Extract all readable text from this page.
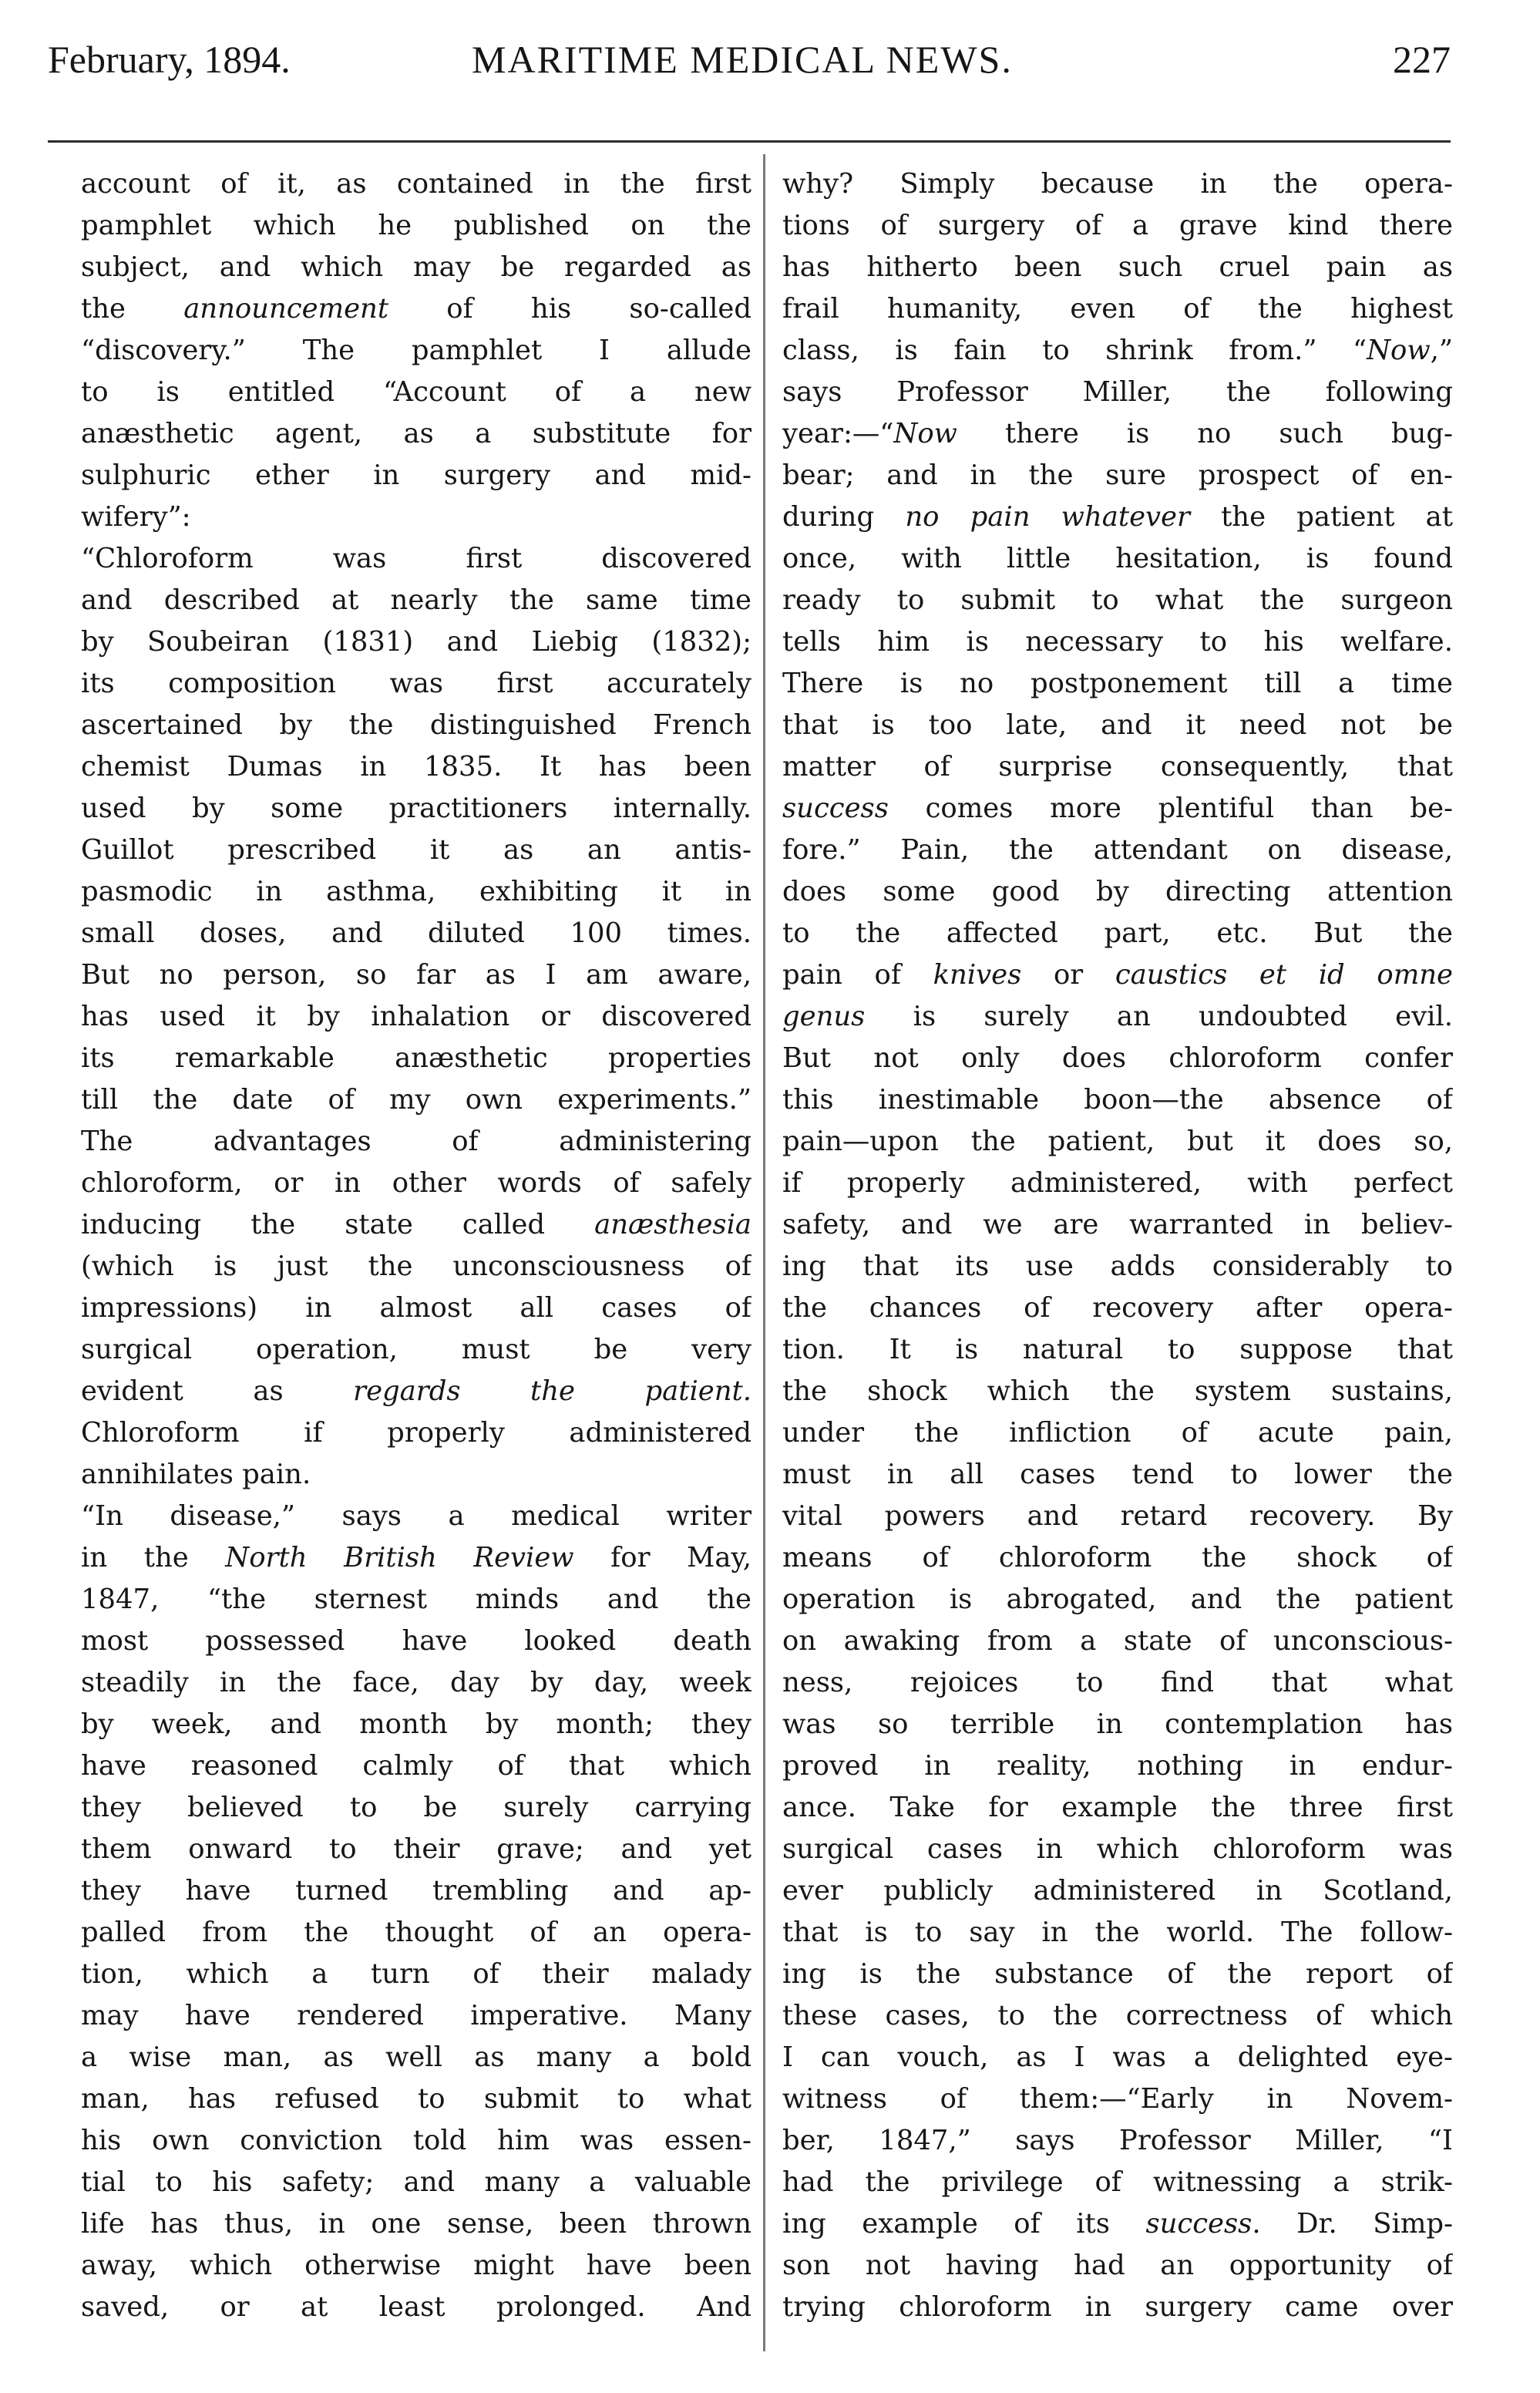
February, 1894.	MARITIME MEDICAL NEWS.	227
account of it, as contained in the first
pamphlet which he published on the
subject, and which may be regarded as
the announcement of his so-called
“discovery.” The pamphlet I allude
to is entitled “Account of a new
anæsthetic agent, as a substitute for
sulphuric ether in surgery and mid-
wifery”:
“Chloroform was first discovered
and described at nearly the same time
by Soubeiran (1831) and Liebig (1832);
its composition was first accurately
ascertained by the distinguished French
chemist Dumas in 1835. It has been
used by some practitioners internally.
Guillot prescribed it as an antis-
pasmodic in asthma, exhibiting it in
small doses, and diluted 100 times.
But no person, so far as I am aware,
has used it by inhalation or discovered
its remarkable anæsthetic properties
till the date of my own experiments.”
The advantages of administering
chloroform, or in other words of safely
inducing the state called anæsthesia
(which is just the unconsciousness of
impressions) in almost all cases of
surgical operation, must be very
evident as regards the patient.
Chloroform if properly administered
annihilates pain.
“In disease,” says a medical writer
in the North British Review for May,
1847, “the sternest minds and the
most possessed have looked death
steadily in the face, day by day, week
by week, and month by month; they
have reasoned calmly of that which
they believed to be surely carrying
them onward to their grave; and yet
they have turned trembling and ap-
palled from the thought of an opera-
tion, which a turn of their malady
may have rendered imperative. Many
a wise man, as well as many a bold
man, has refused to submit to what
his own conviction told him was essen-
tial to his safety; and many a valuable
life has thus, in one sense, been thrown
away, which otherwise might have been
saved, or at least prolonged. And
why? Simply because in the opera-
tions of surgery of a grave kind there
has hitherto been such cruel pain as
frail humanity, even of the highest
class, is fain to shrink from.” “Now,”
says Professor Miller, the following
year:—“Now there is no such bug-
bear; and in the sure prospect of en-
during no pain whatever the patient at
once, with little hesitation, is found
ready to submit to what the surgeon
tells him is necessary to his welfare.
There is no postponement till a time
that is too late, and it need not be
matter of surprise consequently, that
success comes more plentiful than be-
fore.” Pain, the attendant on disease,
does some good by directing attention
to the affected part, etc. But the
pain of knives or caustics et id omne
genus is surely an undoubted evil.
But not only does chloroform confer
this inestimable boon—the absence of
pain—upon the patient, but it does so,
if properly administered, with perfect
safety, and we are warranted in believ-
ing that its use adds considerably to
the chances of recovery after opera-
tion. It is natural to suppose that
the shock which the system sustains,
under the infliction of acute pain,
must in all cases tend to lower the
vital powers and retard recovery. By
means of chloroform the shock of
operation is abrogated, and the patient
on awaking from a state of unconscious-
ness, rejoices to find that what
was so terrible in contemplation has
proved in reality, nothing in endur-
ance. Take for example the three first
surgical cases in which chloroform was
ever publicly administered in Scotland,
that is to say in the world. The follow-
ing is the substance of the report of
these cases, to the correctness of which
I can vouch, as I was a delighted eye-
witness of them:—“Early in Novem-
ber, 1847,” says Professor Miller, “I
had the privilege of witnessing a strik-
ing example of its success. Dr. Simp-
son not having had an opportunity of
trying chloroform in surgery came over
